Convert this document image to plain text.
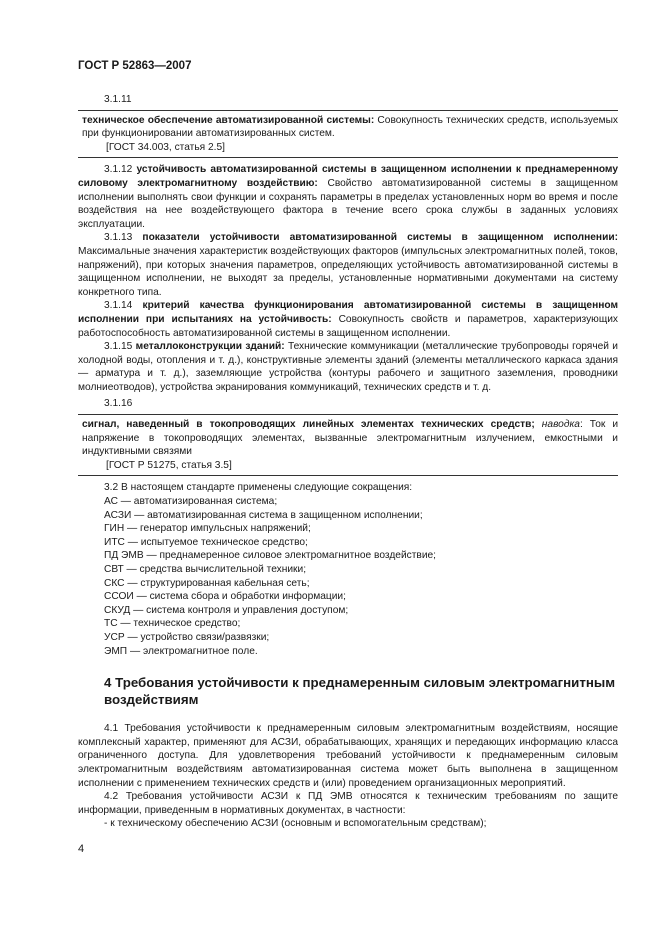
ГОСТ Р 52863—2007
3.1.11

техническое обеспечение автоматизированной системы: Совокупность технических средств, используемых при функционировании автоматизированных систем.

[ГОСТ 34.003, статья 2.5]

3.1.12 устойчивость автоматизированной системы в защищенном исполнении к преднамеренному силовому электромагнитному воздействию: Свойство автоматизированной системы в защищенном исполнении выполнять свои функции и сохранять параметры в пределах установленных норм во время и после воздействия на нее воздействующего фактора в течение всего срока службы в заданных условиях эксплуатации.

3.1.13 показатели устойчивости автоматизированной системы в защищенном исполнении: Максимальные значения характеристик воздействующих факторов (импульсных электромагнитных полей, токов, напряжений), при которых значения параметров, определяющих устойчивость автоматизированной системы в защищенном исполнении, не выходят за пределы, установленные нормативными документами на систему конкретного типа.

3.1.14 критерий качества функционирования автоматизированной системы в защищенном исполнении при испытаниях на устойчивость: Совокупность свойств и параметров, характеризующих работоспособность автоматизированной системы в защищенном исполнении.

3.1.15 металлоконструкции зданий: Технические коммуникации (металлические трубопроводы горячей и холодной воды, отопления и т. д.), конструктивные элементы зданий (элементы металлического каркаса здания — арматура и т. д.), заземляющие устройства (контуры рабочего и защитного заземления, проводники молниеотводов), устройства экранирования коммуникаций, технических средств и т. д.

3.1.16

сигнал, наведенный в токопроводящих линейных элементах технических средств; наводка: Ток и напряжение в токопроводящих элементах, вызванные электромагнитным излучением, емкостными и индуктивными связями

[ГОСТ Р 51275, статья 3.5]

3.2 В настоящем стандарте применены следующие сокращения:

АС — автоматизированная система;

АСЗИ — автоматизированная система в защищенном исполнении;

ГИН — генератор импульсных напряжений;

ИТС — испытуемое техническое средство;

ПД ЭМВ — преднамеренное силовое электромагнитное воздействие;

СВТ — средства вычислительной техники;

СКС — структурированная кабельная сеть;

ССОИ — система сбора и обработки информации;

СКУД — система контроля и управления доступом;

ТС — техническое средство;

УСР — устройство связи/развязки;

ЭМП — электромагнитное поле.

4 Требования устойчивости к преднамеренным силовым электромагнитным воздействиям

4.1 Требования устойчивости к преднамеренным силовым электромагнитным воздействиям, носящие комплексный характер, применяют для АСЗИ, обрабатывающих, хранящих и передающих информацию класса ограниченного доступа. Для удовлетворения требований устойчивости к преднамеренным силовым электромагнитным воздействиям автоматизированная система может быть выполнена в защищенном исполнении с применением технических средств и (или) проведением организационных мероприятий.

4.2 Требования устойчивости АСЗИ к ПД ЭМВ относятся к техническим требованиям по защите информации, приведенным в нормативных документах, в частности:

- к техническому обеспечению АСЗИ (основным и вспомогательным средствам);

4
